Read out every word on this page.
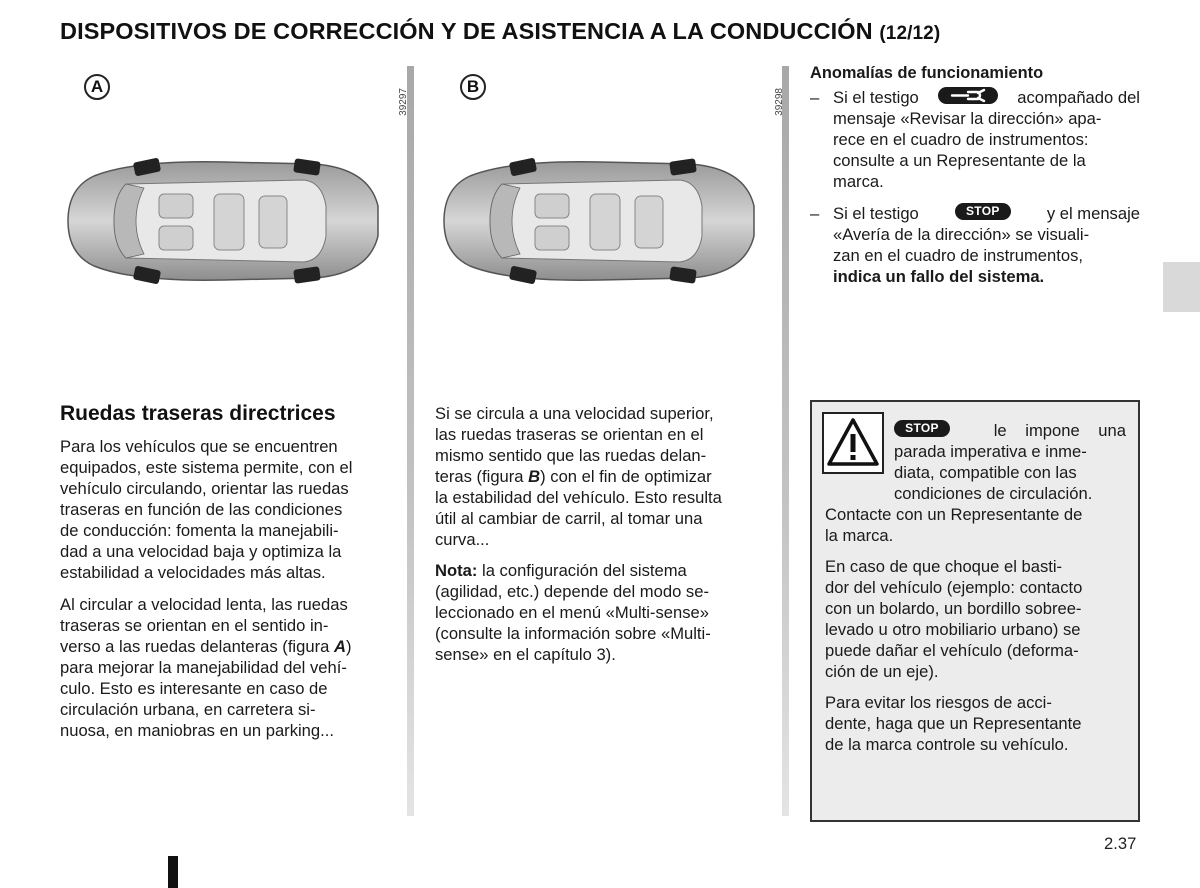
DISPOSITIVOS DE CORRECCIÓN Y DE ASISTENCIA A LA CONDUCCIÓN (12/12)
A
39297
B
39298
Ruedas traseras directrices
Para los vehículos que se encuentren
equipados, este sistema permite, con el
vehículo circulando, orientar las ruedas
traseras en función de las condiciones
de conducción: fomenta la manejabili-
dad a una velocidad baja y optimiza la
estabilidad a velocidades más altas.
Al circular a velocidad lenta, las ruedas
traseras se orientan en el sentido in-
verso a las ruedas delanteras (figura A)
para mejorar la manejabilidad del vehí-
culo. Esto es interesante en caso de
circulación urbana, en carretera si-
nuosa, en maniobras en un parking...
Si se circula a una velocidad superior,
las ruedas traseras se orientan en el
mismo sentido que las ruedas delan-
teras (figura B) con el fin de optimizar
la estabilidad del vehículo. Esto resulta
útil al cambiar de carril, al tomar una
curva...
Nota: la configuración del sistema
(agilidad, etc.) depende del modo se-
leccionado en el menú «Multi-sense»
(consulte la información sobre «Multi-
sense» en el capítulo 3).
Anomalías de funcionamiento
– Si el testigo	acompañado del
mensaje «Revisar la dirección» apa-
rece en el cuadro de instrumentos:
consulte a un Representante de la
marca.
– Si el testigo	STOP	y el mensaje
«Avería de la dirección» se visuali-
zan en el cuadro de instrumentos,
indica un fallo del sistema.
STOP	le impone una
parada imperativa e inme-
diata, compatible con las
condiciones de circulación.
Contacte con un Representante de
la marca.
En caso de que choque el basti-
dor del vehículo (ejemplo: contacto
con un bolardo, un bordillo sobree-
levado u otro mobiliario urbano) se
puede dañar el vehículo (deforma-
ción de un eje).
Para evitar los riesgos de acci-
dente, haga que un Representante
de la marca controle su vehículo.
2.37
